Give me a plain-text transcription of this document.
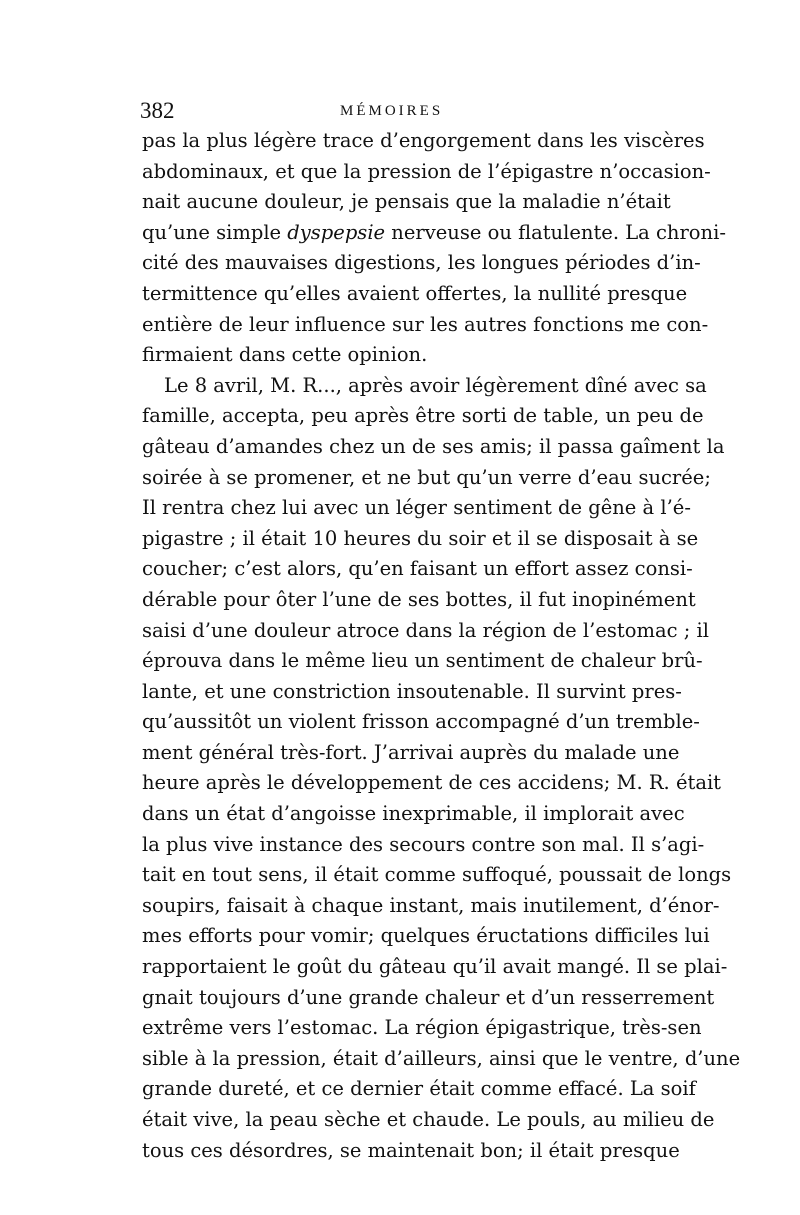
382	MÉMOIRES
pas la plus légère trace d’engorgement dans les viscères
abdominaux, et que la pression de l’épigastre n’occasion-
nait aucune douleur, je pensais que la maladie n’était
qu’une simple dyspepsie nerveuse ou flatulente. La chroni-
cité des mauvaises digestions, les longues périodes d’in-
termittence qu’elles avaient offertes, la nullité presque
entière de leur influence sur les autres fonctions me con-
firmaient dans cette opinion.
Le 8 avril, M. R..., après avoir légèrement dîné avec sa
famille, accepta, peu après être sorti de table, un peu de
gâteau d’amandes chez un de ses amis; il passa gaîment la
soirée à se promener, et ne but qu’un verre d’eau sucrée;
Il rentra chez lui avec un léger sentiment de gêne à l’é-
pigastre ; il était 10 heures du soir et il se disposait à se
coucher; c’est alors, qu’en faisant un effort assez consi-
dérable pour ôter l’une de ses bottes, il fut inopinément
saisi d’une douleur atroce dans la région de l’estomac ; il
éprouva dans le même lieu un sentiment de chaleur brû-
lante, et une constriction insoutenable. Il survint pres-
qu’aussitôt un violent frisson accompagné d’un tremble-
ment général très-fort. J’arrivai auprès du malade une
heure après le développement de ces accidens; M. R. était
dans un état d’angoisse inexprimable, il implorait avec
la plus vive instance des secours contre son mal. Il s’agi-
tait en tout sens, il était comme suffoqué, poussait de longs
soupirs, faisait à chaque instant, mais inutilement, d’énor-
mes efforts pour vomir; quelques éructations difficiles lui
rapportaient le goût du gâteau qu’il avait mangé. Il se plai-
gnait toujours d’une grande chaleur et d’un resserrement
extrême vers l’estomac. La région épigastrique, très-sen
sible à la pression, était d’ailleurs, ainsi que le ventre, d’une
grande dureté, et ce dernier était comme effacé. La soif
était vive, la peau sèche et chaude. Le pouls, au milieu de
tous ces désordres, se maintenait bon; il était presque
